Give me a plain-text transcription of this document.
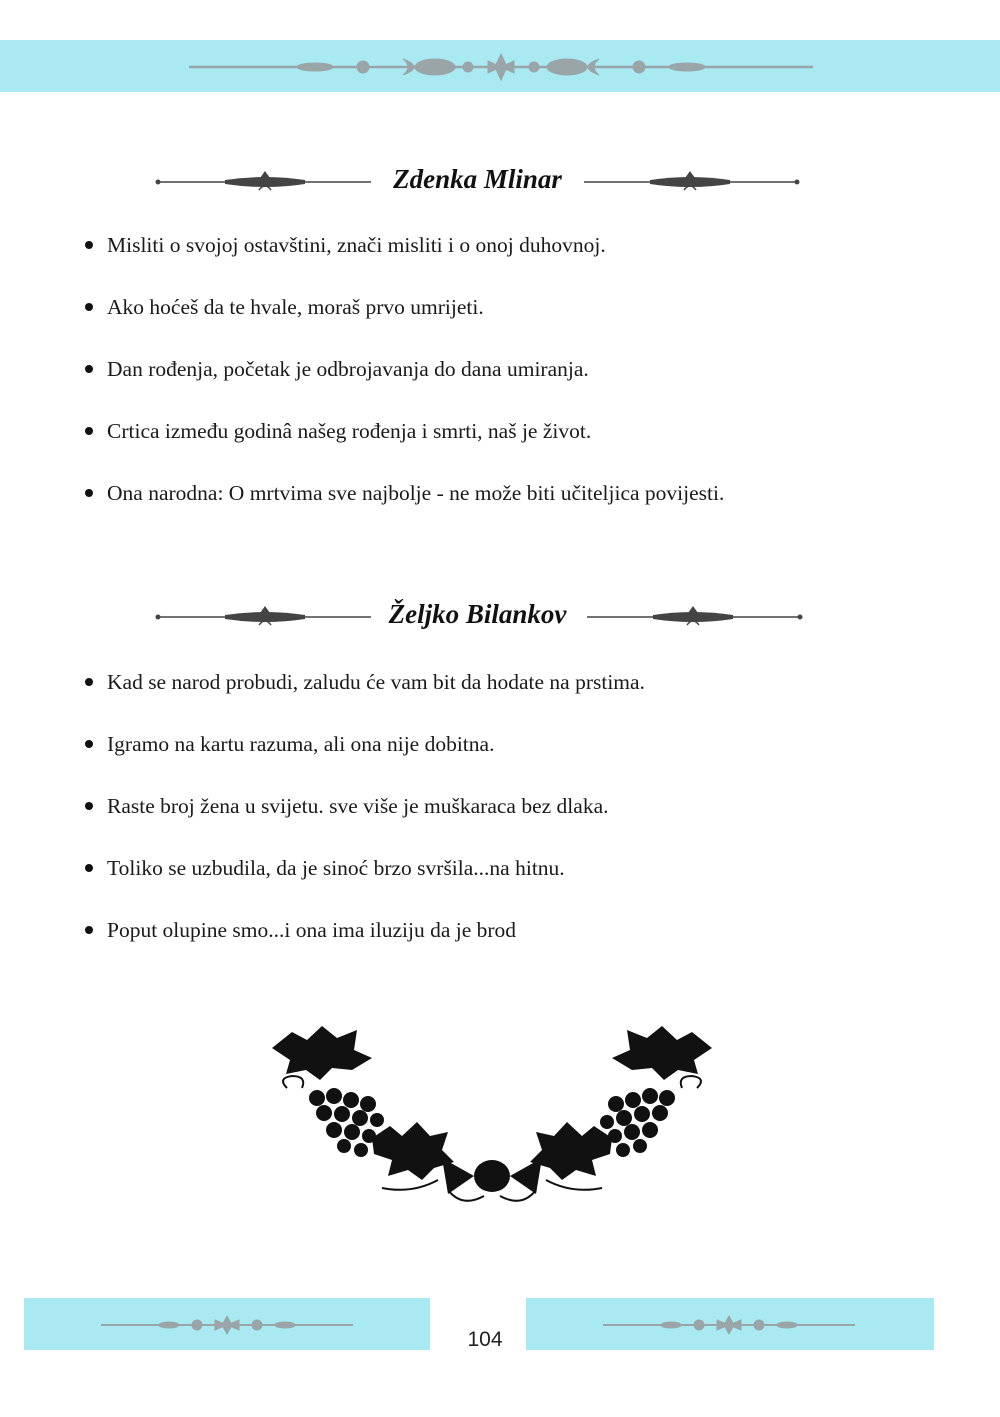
Zdenka Mlinar
Misliti o svojoj ostavštini, znači misliti i o onoj duhovnoj.
Ako hoćeš da te hvale, moraš prvo umrijeti.
Dan rođenja, početak je odbrojavanja do dana umiranja.
Crtica između godinâ našeg rođenja i smrti, naš je život.
Ona narodna: O mrtvima sve najbolje - ne može biti učiteljica povijesti.
Željko Bilankov
Kad se narod probudi, zaludu će vam bit da hodate na prstima.
Igramo na kartu razuma, ali ona nije dobitna.
Raste broj žena u svijetu. sve više je muškaraca bez dlaka.
Toliko se uzbudila, da je sinoć brzo svršila...na hitnu.
Poput olupine smo...i ona ima iluziju da je brod
104
